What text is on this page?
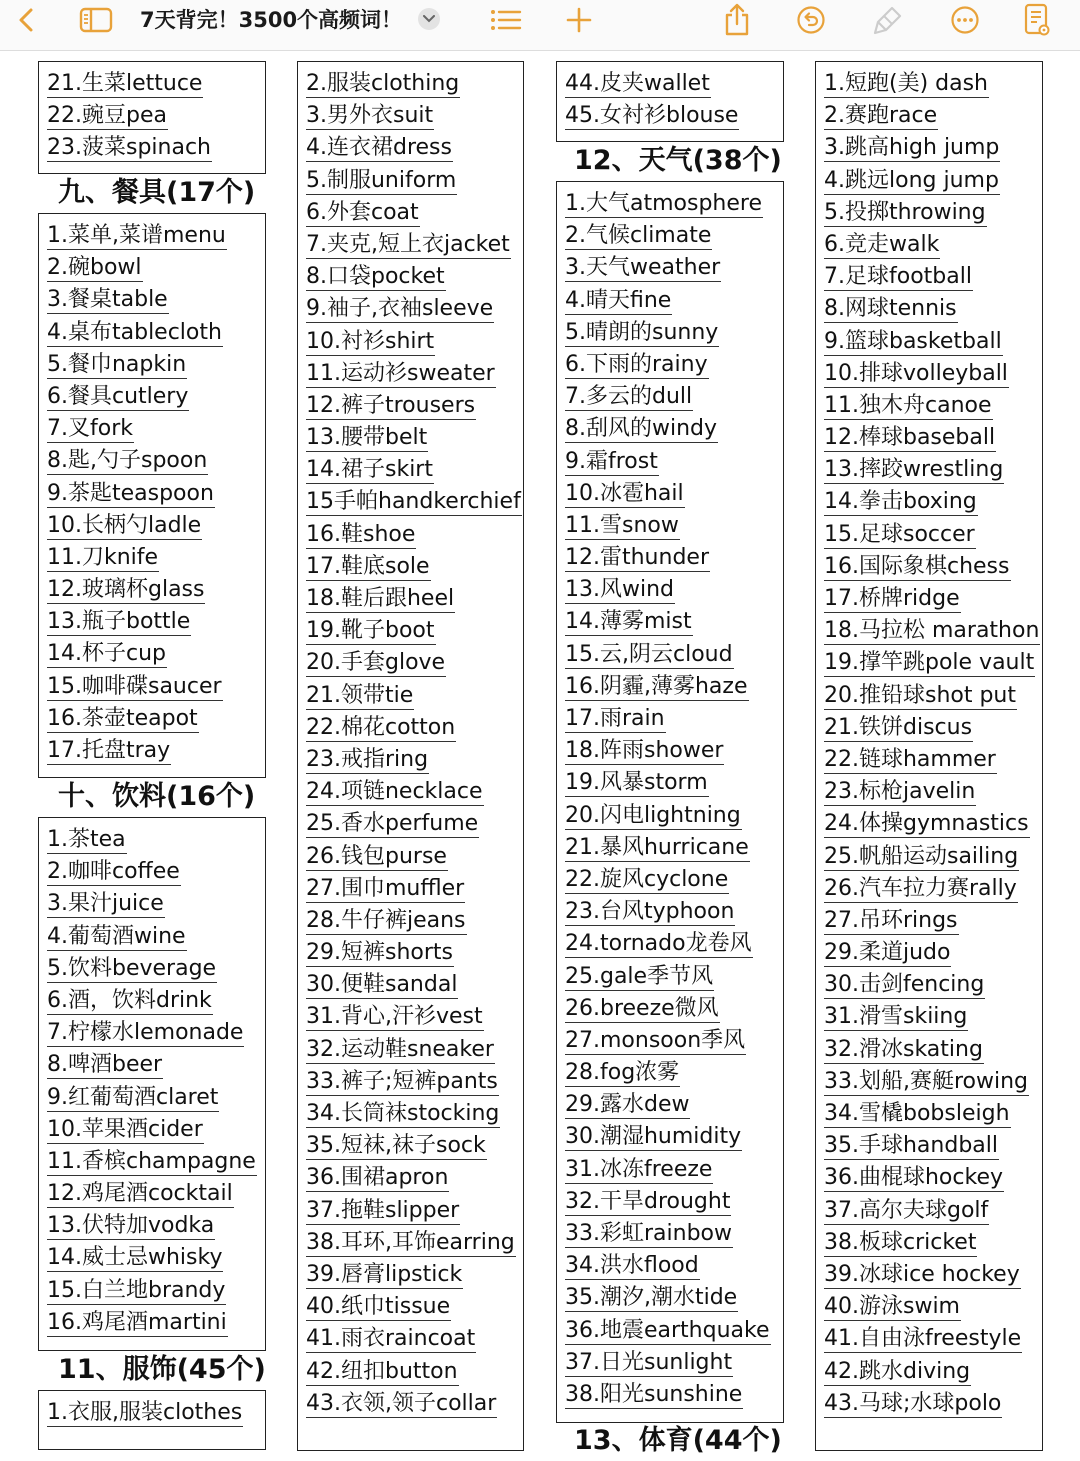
7天背完！3500个高频词！
21.生菜lettuce
22.豌豆pea
23.菠菜spinach
九、餐具(17个)
1.菜单,菜谱menu
2.碗bowl
3.餐桌table
4.桌布tablecloth
5.餐巾napkin
6.餐具cutlery
7.叉fork
8.匙,勺子spoon
9.茶匙teaspoon
10.长柄勺ladle
11.刀knife
12.玻璃杯glass
13.瓶子bottle
14.杯子cup
15.咖啡碟saucer
16.茶壶teapot
17.托盘tray
十、饮料(16个)
1.茶tea
2.咖啡coffee
3.果汁juice
4.葡萄酒wine
5.饮料beverage
6.酒，饮料drink
7.柠檬水lemonade
8.啤酒beer
9.红葡萄酒claret
10.苹果酒cider
11.香槟champagne
12.鸡尾酒cocktail
13.伏特加vodka
14.威士忌whisky
15.白兰地brandy
16.鸡尾酒martini
11、服饰(45个)
1.衣服,服装clothes
2.服装clothing
3.男外衣suit
4.连衣裙dress
5.制服uniform
6.外套coat
7.夹克,短上衣jacket
8.口袋pocket
9.袖子,衣袖sleeve
10.衬衫shirt
11.运动衫sweater
12.裤子trousers
13.腰带belt
14.裙子skirt
15手帕handkerchief
16.鞋shoe
17.鞋底sole
18.鞋后跟heel
19.靴子boot
20.手套glove
21.领带tie
22.棉花cotton
23.戒指ring
24.项链necklace
25.香水perfume
26.钱包purse
27.围巾muffler
28.牛仔裤jeans
29.短裤shorts
30.便鞋sandal
31.背心,汗衫vest
32.运动鞋sneaker
33.裤子;短裤pants
34.长筒袜stocking
35.短袜,袜子sock
36.围裙apron
37.拖鞋slipper
38.耳环,耳饰earring
39.唇膏lipstick
40.纸巾tissue
41.雨衣raincoat
42.纽扣button
43.衣领,领子collar
44.皮夹wallet
45.女衬衫blouse
12、天气(38个)
1.大气atmosphere
2.气候climate
3.天气weather
4.晴天fine
5.晴朗的sunny
6.下雨的rainy
7.多云的dull
8.刮风的windy
9.霜frost
10.冰雹hail
11.雪snow
12.雷thunder
13.风wind
14.薄雾mist
15.云,阴云cloud
16.阴霾,薄雾haze
17.雨rain
18.阵雨shower
19.风暴storm
20.闪电lightning
21.暴风hurricane
22.旋风cyclone
23.台风typhoon
24.tornado龙卷风
25.gale季节风
26.breeze微风
27.monsoon季风
28.fog浓雾
29.露水dew
30.潮湿humidity
31.冰冻freeze
32.干旱drought
33.彩虹rainbow
34.洪水flood
35.潮汐,潮水tide
36.地震earthquake
37.日光sunlight
38.阳光sunshine
13、体育(44个)
1.短跑(美) dash
2.赛跑race
3.跳高high jump
4.跳远long jump
5.投掷throwing
6.竞走walk
7.足球football
8.网球tennis
9.篮球basketball
10.排球volleyball
11.独木舟canoe
12.棒球baseball
13.摔跤wrestling
14.拳击boxing
15.足球soccer
16.国际象棋chess
17.桥牌ridge
18.马拉松 marathon
19.撑竿跳pole vault
20.推铅球shot put
21.铁饼discus
22.链球hammer
23.标枪javelin
24.体操gymnastics
25.帆船运动sailing
26.汽车拉力赛rally
27.吊环rings
29.柔道judo
30.击剑fencing
31.滑雪skiing
32.滑冰skating
33.划船,赛艇rowing
34.雪橇bobsleigh
35.手球handball
36.曲棍球hockey
37.高尔夫球golf
38.板球cricket
39.冰球ice hockey
40.游泳swim
41.自由泳freestyle
42.跳水diving
43.马球;水球polo
